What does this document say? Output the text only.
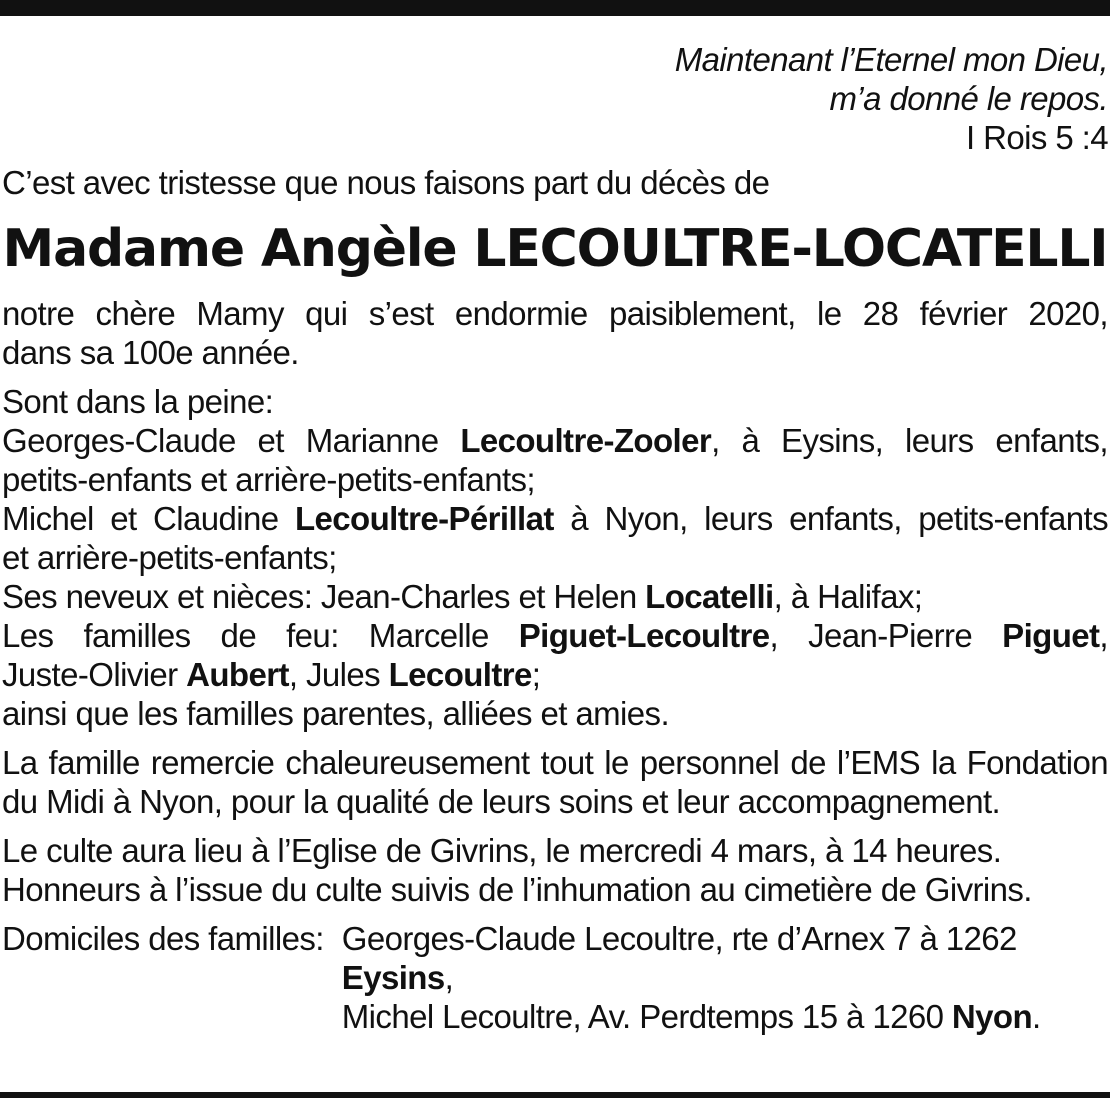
Maintenant l’Eternel mon Dieu,
m’a donné le repos.
I Rois 5 :4

C’est avec tristesse que nous faisons part du décès de

Madame Angèle LECOULTRE-LOCATELLI

notre chère Mamy qui s’est endormie paisiblement, le 28 février 2020,

dans sa 100e année.

Sont dans la peine:

Georges-Claude et Marianne Lecoultre-Zooler, à Eysins, leurs enfants,

petits-enfants et arrière-petits-enfants;

Michel et Claudine Lecoultre-Périllat à Nyon, leurs enfants, petits-enfants

et arrière-petits-enfants;

Ses neveux et nièces: Jean-Charles et Helen Locatelli, à Halifax;

Les familles de feu: Marcelle Piguet-Lecoultre, Jean-Pierre Piguet,

Juste-Olivier Aubert, Jules Lecoultre;

ainsi que les familles parentes, alliées et amies.

La famille remercie chaleureusement tout le personnel de l’EMS la Fondation

du Midi à Nyon, pour la qualité de leurs soins et leur accompagnement.

Le culte aura lieu à l’Eglise de Givrins, le mercredi 4 mars, à 14 heures.

Honneurs à l’issue du culte suivis de l’inhumation au cimetière de Givrins.

Domiciles des familles: Georges-Claude Lecoultre, rte d’Arnex 7 à 1262 Eysins,
Michel Lecoultre, Av. Perdtemps 15 à 1260 Nyon.
